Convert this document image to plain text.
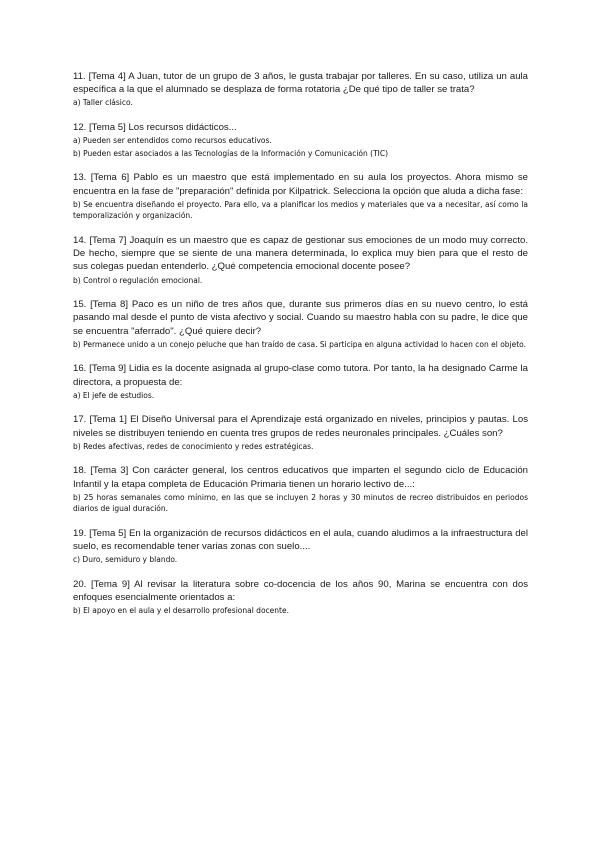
11. [Tema 4] A Juan, tutor de un grupo de 3 años, le gusta trabajar por talleres. En su caso, utiliza un aula específica a la que el alumnado se desplaza de forma rotatoria ¿De qué tipo de taller se trata?

a) Taller clásico.

12. [Tema 5] Los recursos didácticos...

a) Pueden ser entendidos como recursos educativos.

b) Pueden estar asociados a las Tecnologías de la Información y Comunicación (TIC)

13. [Tema 6] Pablo es un maestro que está implementado en su aula los proyectos. Ahora mismo se encuentra en la fase de "preparación" definida por Kilpatrick. Selecciona la opción que aluda a dicha fase:

b) Se encuentra diseñando el proyecto. Para ello, va a planificar los medios y materiales que va a necesitar, así como la temporalización y organización.

14. [Tema 7] Joaquín es un maestro que es capaz de gestionar sus emociones de un modo muy correcto. De hecho, siempre que se siente de una manera determinada, lo explica muy bien para que el resto de sus colegas puedan entenderlo. ¿Qué competencia emocional docente posee?

b) Control o regulación emocional.

15. [Tema 8] Paco es un niño de tres años que, durante sus primeros días en su nuevo centro, lo está pasando mal desde el punto de vista afectivo y social. Cuando su maestro habla con su padre, le dice que se encuentra "aferrado". ¿Qué quiere decir?

b) Permanece unido a un conejo peluche que han traído de casa. Si participa en alguna actividad lo hacen con el objeto.

16. [Tema 9] Lidia es la docente asignada al grupo-clase como tutora. Por tanto, la ha designado Carme la directora, a propuesta de:

a) El jefe de estudios.

17. [Tema 1] El Diseño Universal para el Aprendizaje está organizado en niveles, principios y pautas. Los niveles se distribuyen teniendo en cuenta tres grupos de redes neuronales principales. ¿Cuáles son?

b) Redes afectivas, redes de conocimiento y redes estratégicas.

18. [Tema 3] Con carácter general, los centros educativos que imparten el segundo ciclo de Educación Infantil y la etapa completa de Educación Primaria tienen un horario lectivo de...:

b) 25 horas semanales como mínimo, en las que se incluyen 2 horas y 30 minutos de recreo distribuidos en periodos diarios de igual duración.

19. [Tema 5] En la organización de recursos didácticos en el aula, cuando aludimos a la infraestructura del suelo, es recomendable tener varias zonas con suelo....

c) Duro, semiduro y blando.

20. [Tema 9] Al revisar la literatura sobre co-docencia de los años 90, Marina se encuentra con dos enfoques esencialmente orientados a:

b) El apoyo en el aula y el desarrollo profesional docente.
